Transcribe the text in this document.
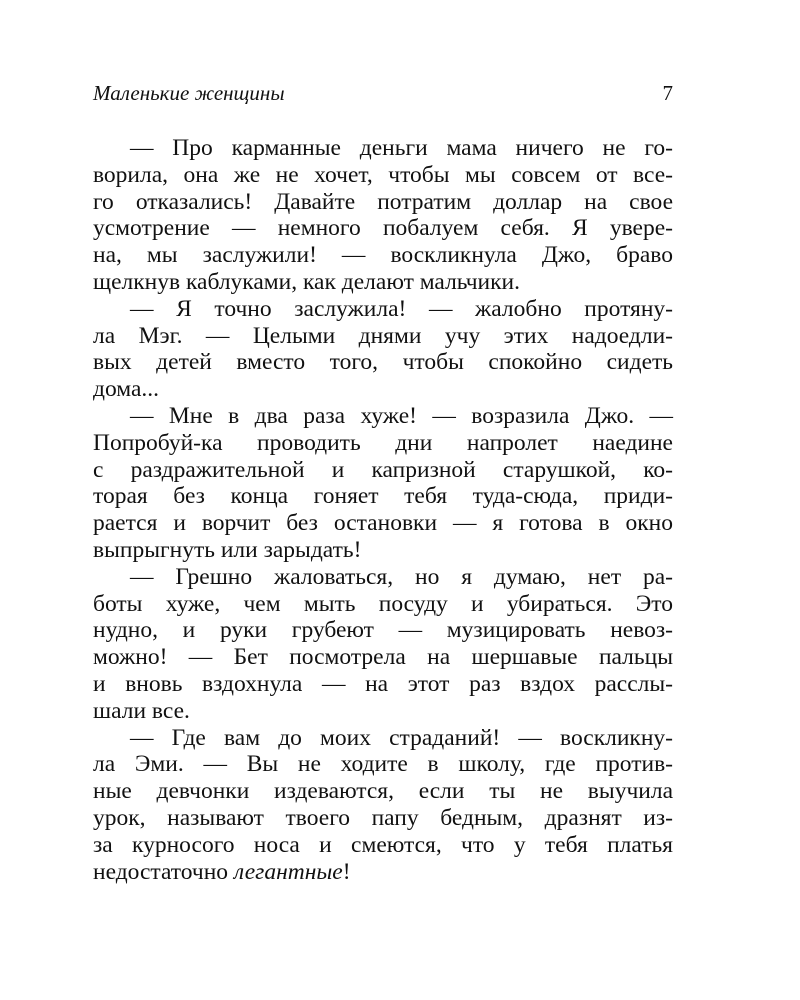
Маленькие женщины	7
— Про карманные деньги мама ничего не го-
ворила, она же не хочет, чтобы мы совсем от все-
го отказались! Давайте потратим доллар на свое
усмотрение — немного побалуем себя. Я увере-
на, мы заслужили! — воскликнула Джо, браво
щелкнув каблуками, как делают мальчики.
— Я точно заслужила! — жалобно протяну-
ла Мэг. — Целыми днями учу этих надоедли-
вых детей вместо того, чтобы спокойно сидеть
дома...
— Мне в два раза хуже! — возразила Джо. —
Попробуй-ка проводить дни напролет наедине
с раздражительной и капризной старушкой, ко-
торая без конца гоняет тебя туда-сюда, приди-
рается и ворчит без остановки — я готова в окно
выпрыгнуть или зарыдать!
— Грешно жаловаться, но я думаю, нет ра-
боты хуже, чем мыть посуду и убираться. Это
нудно, и руки грубеют — музицировать невоз-
можно! — Бет посмотрела на шершавые пальцы
и вновь вздохнула — на этот раз вздох расслы-
шали все.
— Где вам до моих страданий! — воскликну-
ла Эми. — Вы не ходите в школу, где против-
ные девчонки издеваются, если ты не выучила
урок, называют твоего папу бедным, дразнят из-
за курносого носа и смеются, что у тебя платья
недостаточно легантные!
